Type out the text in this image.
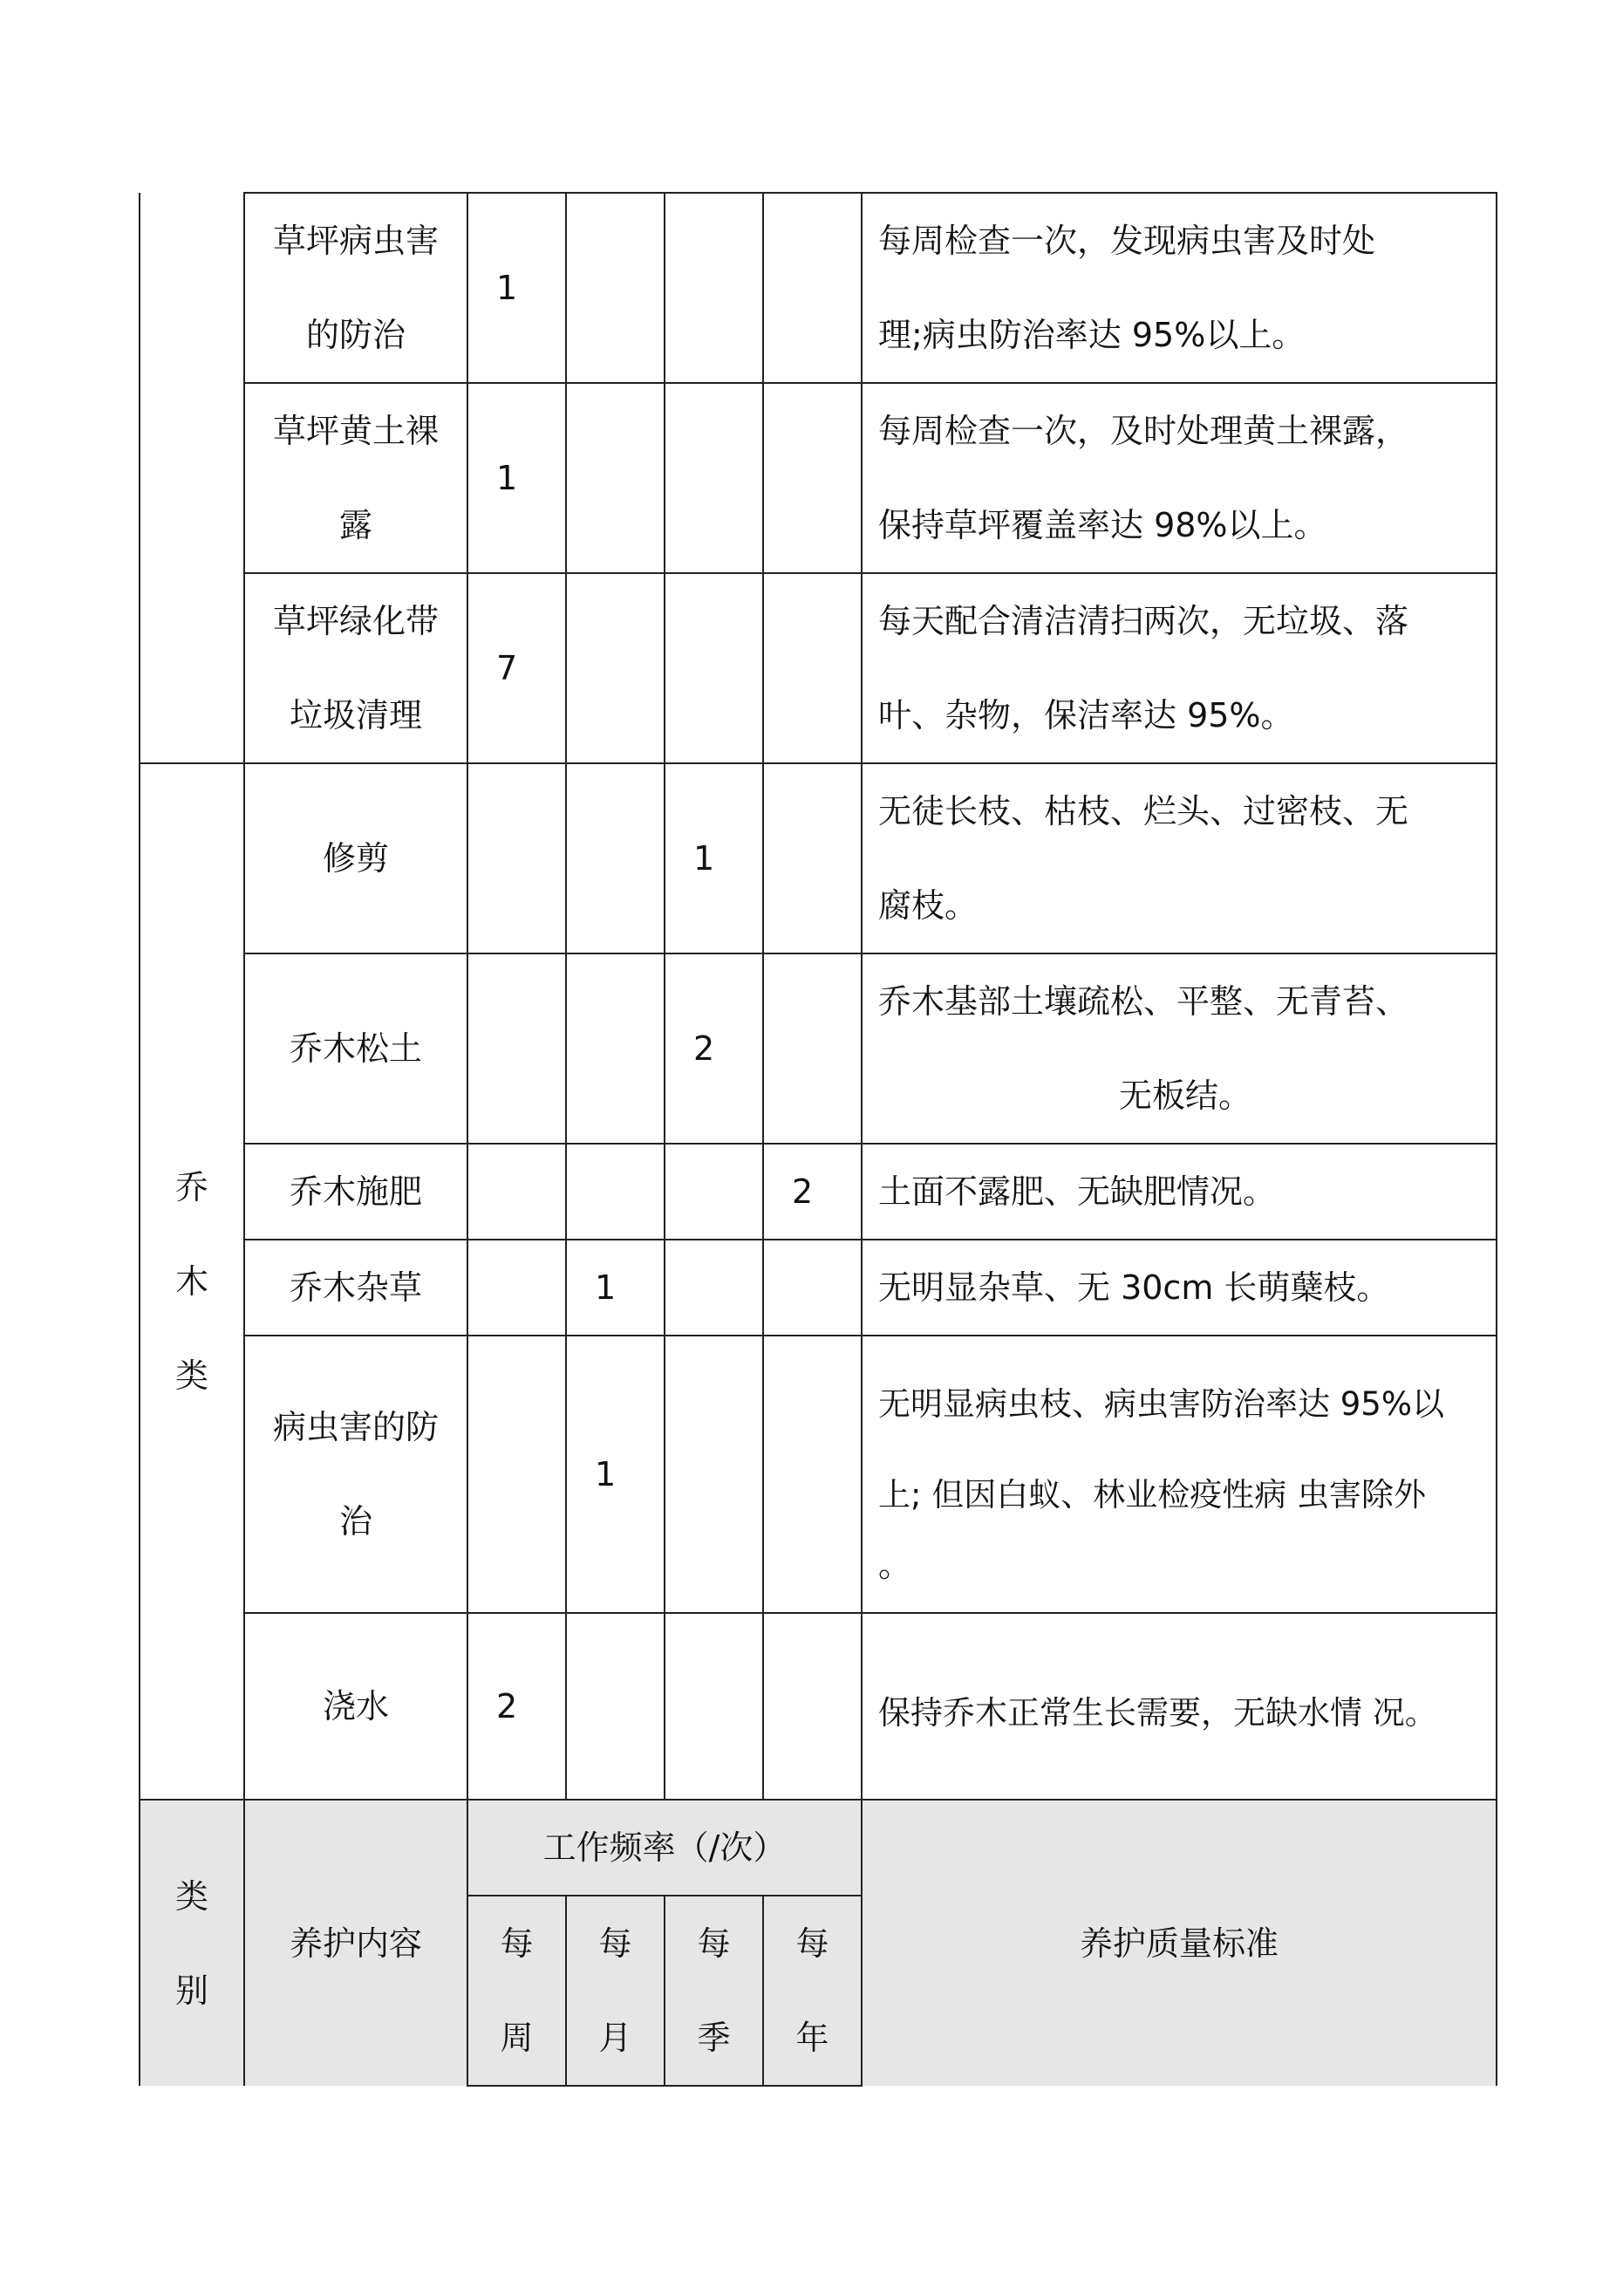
	草坪病虫害
的防治	1				每周检查一次，发现病虫害及时处
理;病虫防治率达 95%以上。

	草坪黄土裸
露	1				每周检查一次，及时处理黄土裸露，
保持草坪覆盖率达 98%以上。

	草坪绿化带
垃圾清理	7				每天配合清洁清扫两次，无垃圾、落
叶、杂物，保洁率达 95%。

乔
木
类	修剪			1		无徒长枝、枯枝、烂头、过密枝、无
腐枝。

	乔木松土			2		乔木基部土壤疏松、平整、无青苔、
无板结。

	乔木施肥				2	土面不露肥、无缺肥情况。

	乔木杂草		1			无明显杂草、无 30cm 长萌蘖枝。

	病虫害的防
治		1			无明显病虫枝、病虫害防治率达 95%以
上; 但因白蚁、林业检疫性病 虫害除外
。

	浇水	2				保持乔木正常生长需要，无缺水情 况。

类
别	养护内容	工作频率（/次）				养护质量标准

		每
周	每
月	每
季	每
年	
